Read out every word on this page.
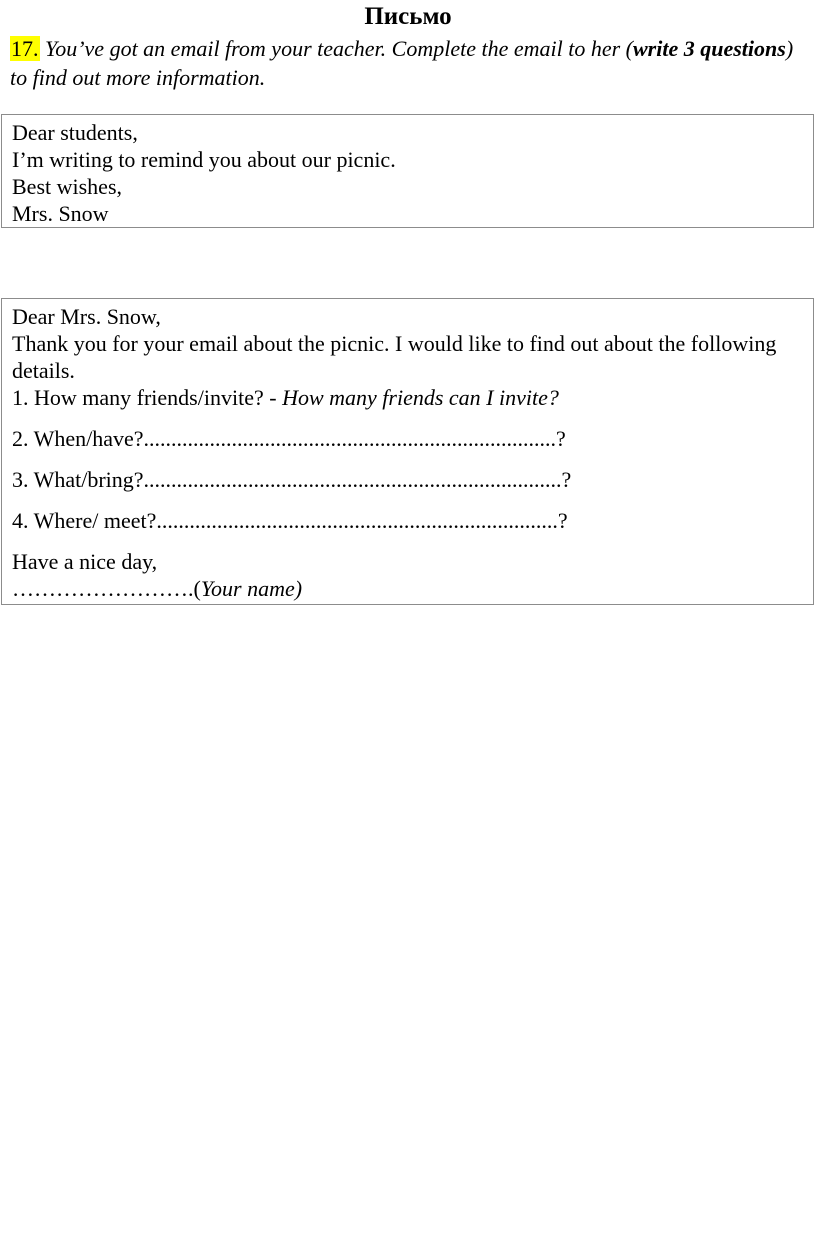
Письмо
17. You’ve got an email from your teacher. Complete the email to her (write 3 questions) to find out more information.
Dear students,
I’m writing to remind you about our picnic.
Best wishes,
Mrs. Snow
Dear Mrs. Snow,
Thank you for your email about the picnic. I would like to find out about the following details.
1. How many friends/invite? - How many friends can I invite?
2. When/have?...........................................................................?
3. What/bring?............................................................................?
4. Where/ meet?.........................................................................?
Have a nice day,
…………………….(Your name)
